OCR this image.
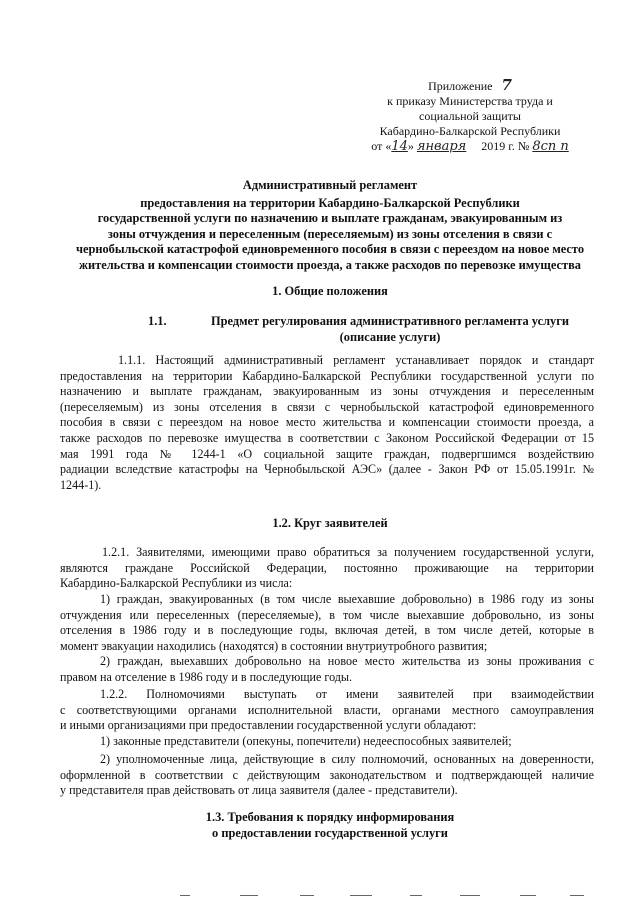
Приложение 7
к приказу Министерства труда и
социальной защиты
Кабардино-Балкарской Республики
от «14» января 2019 г. № 8сп п
Административный регламент
предоставления на территории Кабардино-Балкарской Республики
государственной услуги по назначению и выплате гражданам, эвакуированным из
зоны отчуждения и переселенным (переселяемым) из зоны отселения в связи с
чернобыльской катастрофой единовременного пособия в связи с переездом на новое место
жительства и компенсации стоимости проезда, а также расходов по перевозке имущества
1. Общие положения
1.1.	Предмет регулирования административного регламента услуги
(описание услуги)
1.1.1. Настоящий административный регламент устанавливает порядок и стандарт
предоставления на территории Кабардино-Балкарской Республики государственной услуги по
назначению и выплате гражданам, эвакуированным из зоны отчуждения и переселенным
(переселяемым) из зоны отселения в связи с чернобыльской катастрофой единовременного
пособия в связи с переездом на новое место жительства и компенсации стоимости проезда, а
также расходов по перевозке имущества в соответствии с Законом Российской Федерации от 15
мая 1991 года № 1244-1 «О социальной защите граждан, подвергшимся воздействию
радиации вследствие катастрофы на Чернобыльской АЭС» (далее - Закон РФ от 15.05.1991г. №
1244-1).
1.2. Круг заявителей
1.2.1. Заявителями, имеющими право обратиться за получением государственной услуги,
являются граждане Российской Федерации, постоянно проживающие на территории
Кабардино-Балкарской Республики из числа:
1) граждан, эвакуированных (в том числе выехавшие добровольно) в 1986 году из зоны
отчуждения или переселенных (переселяемые), в том числе выехавшие добровольно, из зоны
отселения в 1986 году и в последующие годы, включая детей, в том числе детей, которые в
момент эвакуации находились (находятся) в состоянии внутриутробного развития;
2) граждан, выехавших добровольно на новое место жительства из зоны проживания с
правом на отселение в 1986 году и в последующие годы.
1.2.2. Полномочиями выступать от имени заявителей при взаимодействии
с соответствующими органами исполнительной власти, органами местного самоуправления
и иными организациями при предоставлении государственной услуги обладают:
1) законные представители (опекуны, попечители) недееспособных заявителей;
2) уполномоченные лица, действующие в силу полномочий, основанных на доверенности,
оформленной в соответствии с действующим законодательством и подтверждающей наличие
у представителя прав действовать от лица заявителя (далее - представители).
1.3. Требования к порядку информирования
о предоставлении государственной услуги
